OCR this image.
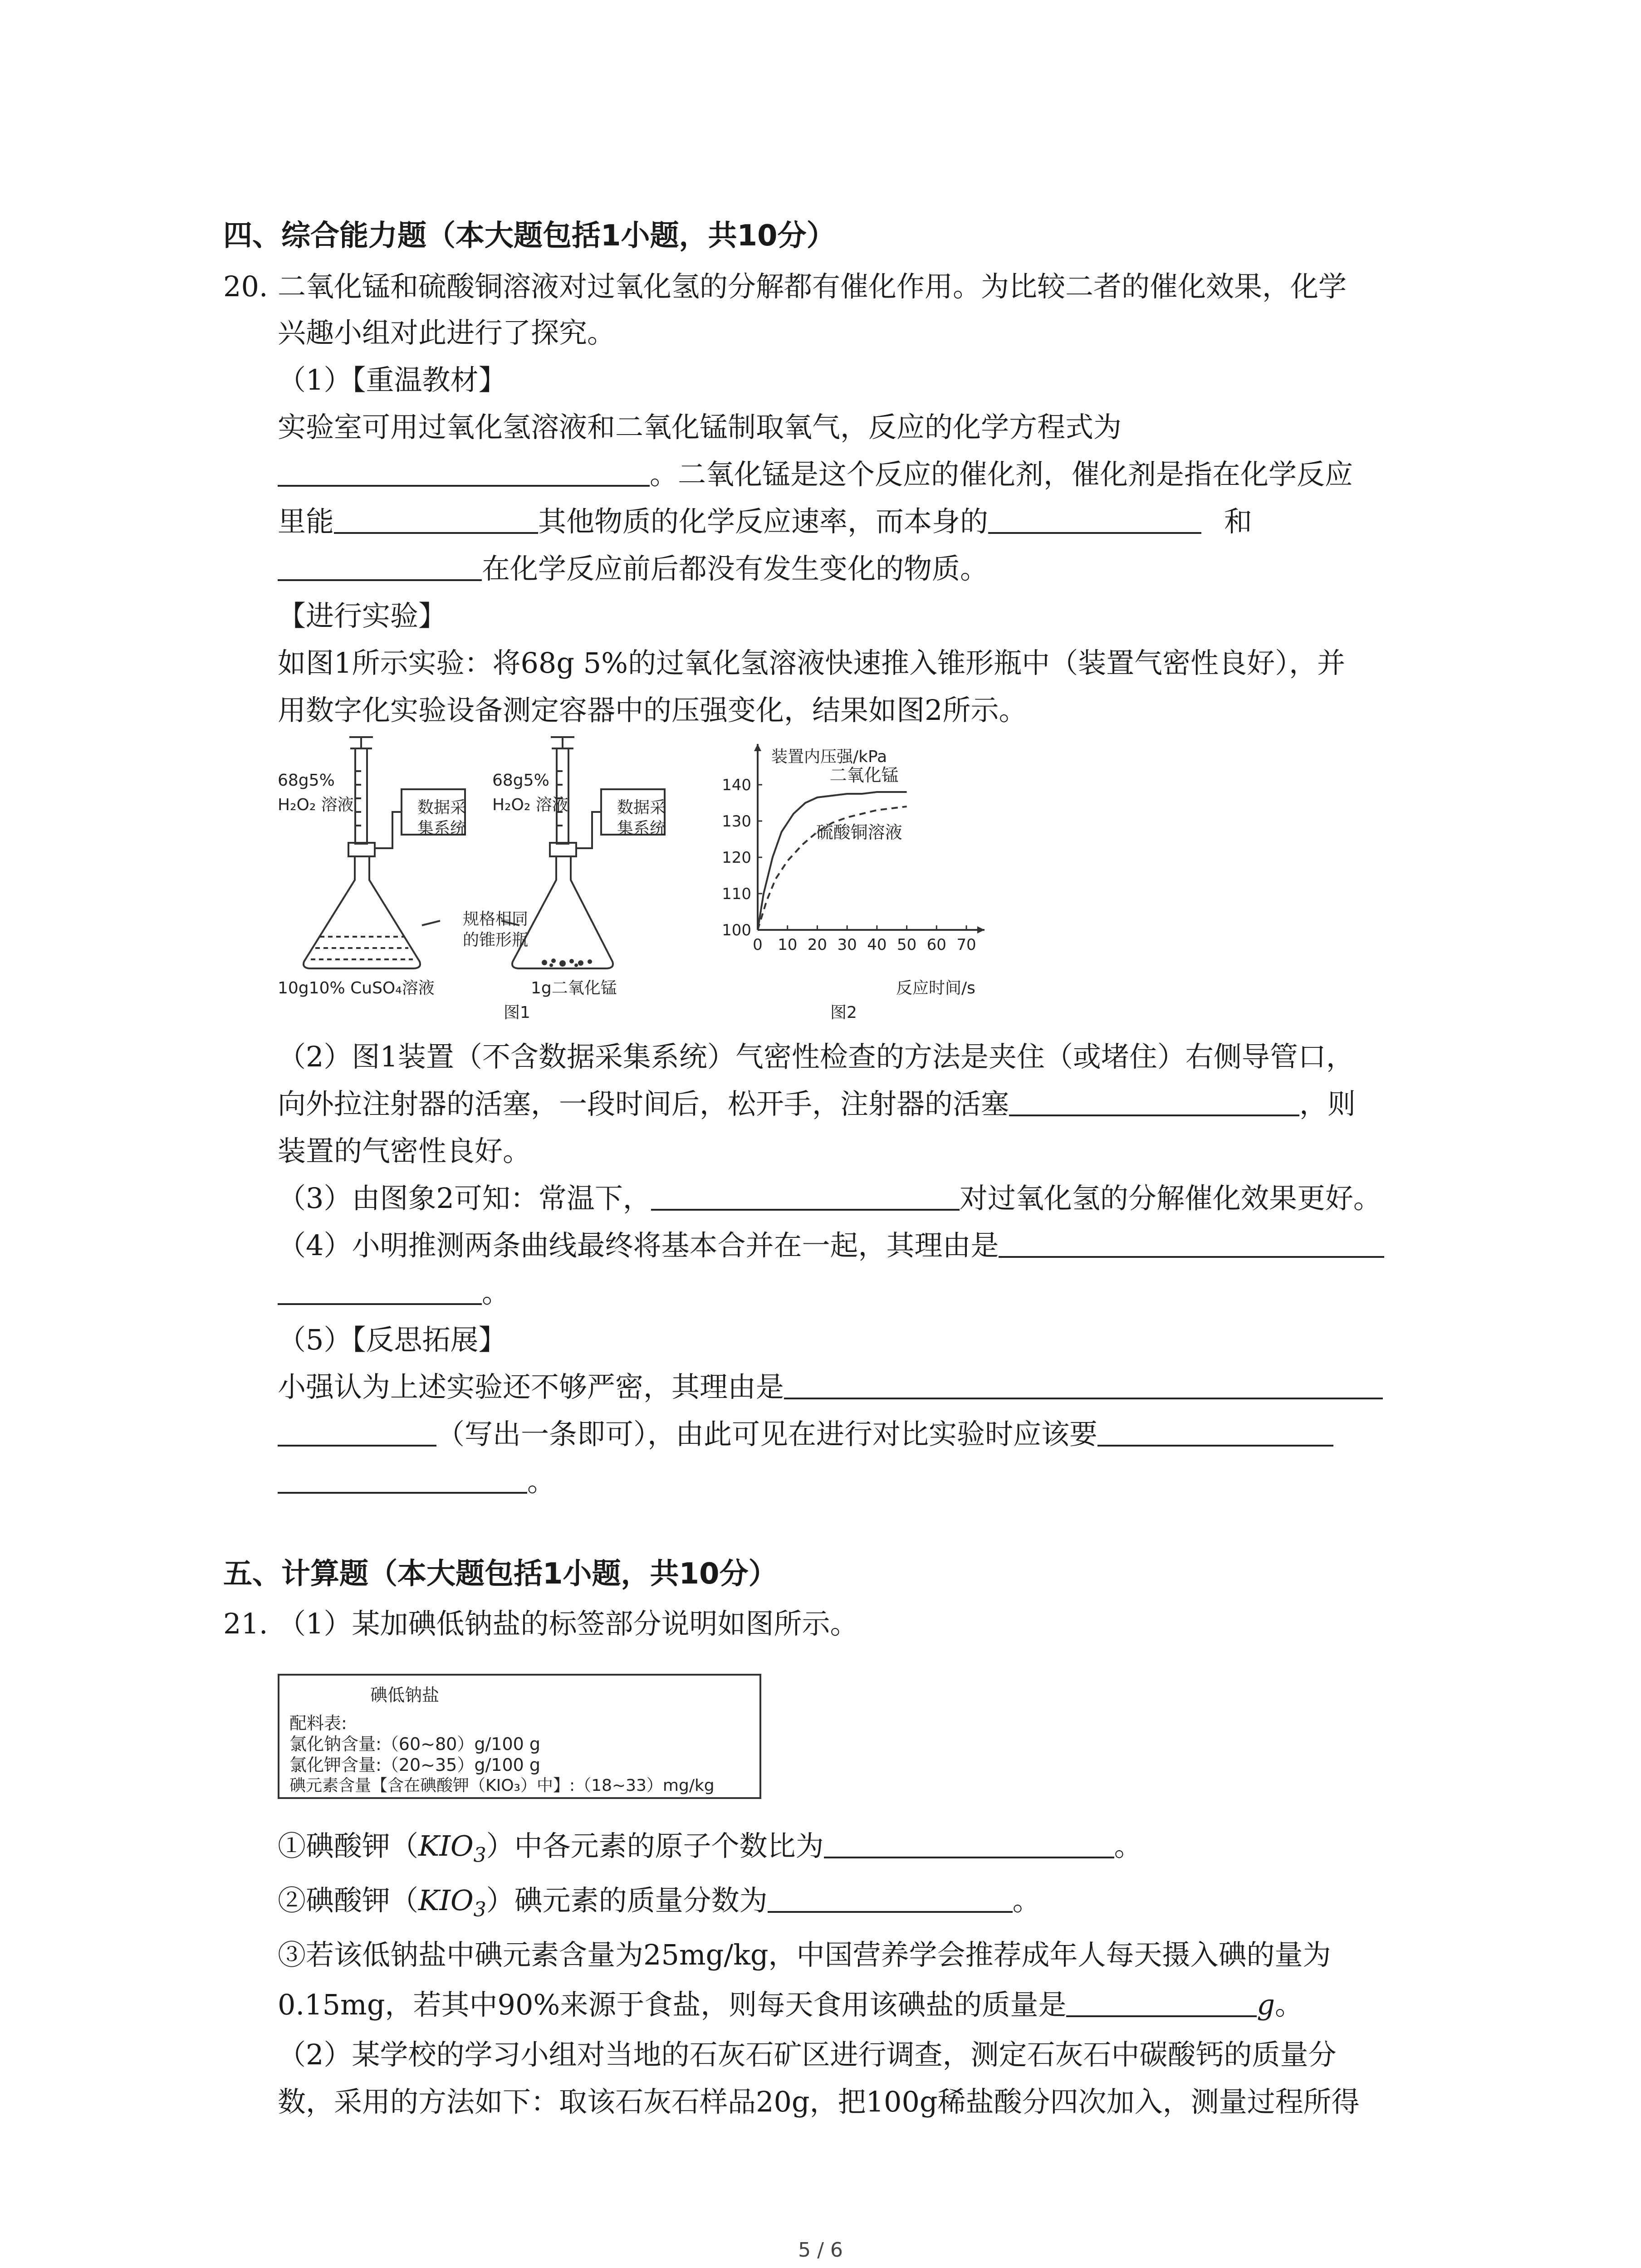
四、综合能力题（本大题包括1小题，共10分）
20. 二氧化锰和硫酸铜溶液对过氧化氢的分解都有催化作用。为比较二者的催化效果，化学
兴趣小组对此进行了探究。
（1）【重温教材】
实验室可用过氧化氢溶液和二氧化锰制取氧气，反应的化学方程式为
。二氧化锰是这个反应的催化剂，催化剂是指在化学反应
里能	其他物质的化学反应速率，而本身的	和
在化学反应前后都没有发生变化的物质。
【进行实验】
如图1所示实验：将68g 5%的过氧化氢溶液快速推入锥形瓶中（装置气密性良好），并
用数字化实验设备测定容器中的压强变化，结果如图2所示。
68g5%
H₂O₂ 溶液	数据采
集系统
68g5%
H₂O₂ 溶液	数据采
集系统
规格相同
的锥形瓶
10g10% CuSO₄溶液	1g二氧化锰
图1
0 10 20 30 40 50 60 70
100
110
120
130
140	二氧化锰
硫酸铜溶液
装置内压强/kPa
反应时间/s
图2
（2）图1装置（不含数据采集系统）气密性检查的方法是夹住（或堵住）右侧导管口，
向外拉注射器的活塞，一段时间后，松开手，注射器的活塞	，则
装置的气密性良好。
（3）由图象2可知：常温下，	对过氧化氢的分解催化效果更好。
（4）小明推测两条曲线最终将基本合并在一起，其理由是
。
（5）【反思拓展】
小强认为上述实验还不够严密，其理由是
（写出一条即可），由此可见在进行对比实验时应该要
。
五、计算题（本大题包括1小题，共10分）
21. （1）某加碘低钠盐的标签部分说明如图所示。
碘低钠盐
配料表:
氯化钠含量:（60~80）g/100 g
氯化钾含量:（20~35）g/100 g
碘元素含量【含在碘酸钾（KIO₃）中】:（18~33）mg/kg
①碘酸钾$(KIO_3)$中各元素的原子个数比为	。
②碘酸钾$(KIO_3)$碘元素的质量分数为	。
③若该低钠盐中碘元素含量为25mg/kg，中国营养学会推荐成年人每天摄入碘的量为
0.15mg，若其中90%来源于食盐，则每天食用该碘盐的质量是	g。
（2）某学校的学习小组对当地的石灰石矿区进行调查，测定石灰石中碳酸钙的质量分
数，采用的方法如下：取该石灰石样品20g，把100g稀盐酸分四次加入，测量过程所得
5 / 6
